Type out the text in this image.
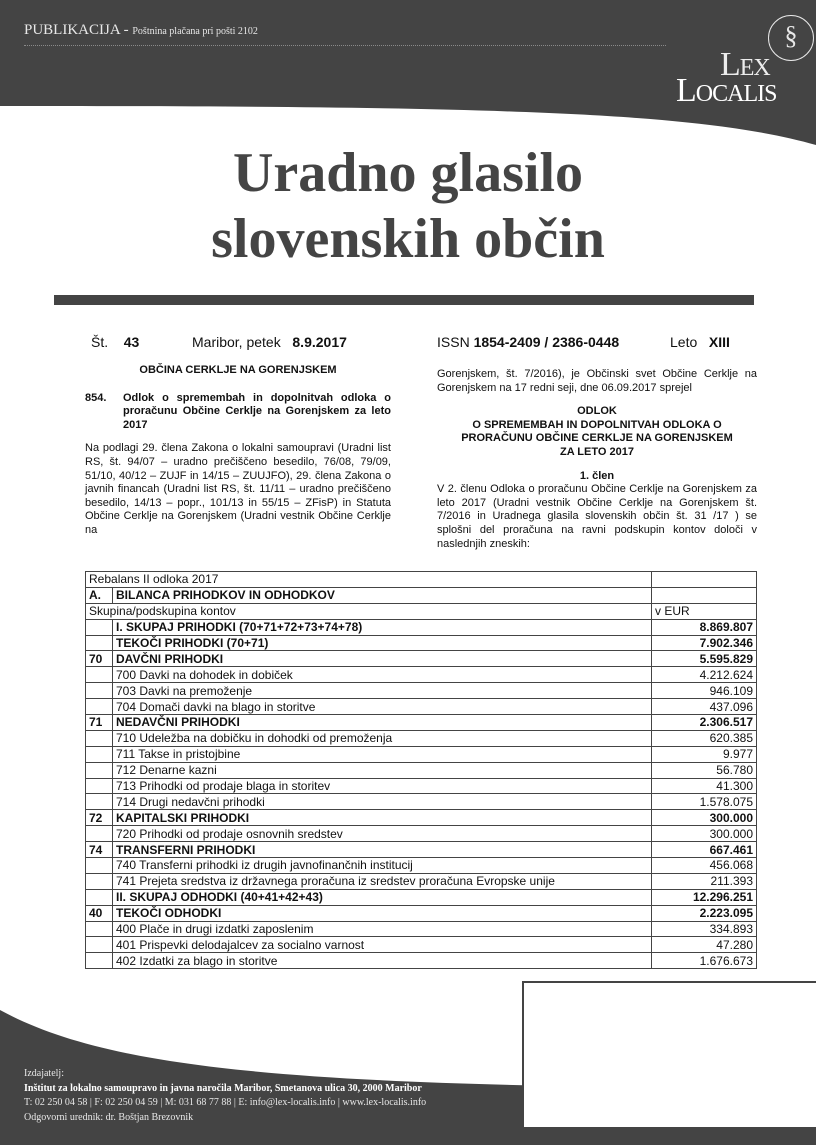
PUBLIKACIJA - Poštnina plačana pri pošti 2102	§
Lex
Localis
Uradno glasilo
slovenskih občin
Št. 43	Maribor, petek 8.9.2017	ISSN 1854-2409 / 2386-0448	Leto XIII
OBČINA CERKLJE NA GORENJSKEM
854.	Odlok o spremembah in dopolnitvah odloka o proračunu Občine Cerklje na Gorenjskem za leto 2017
Na podlagi 29. člena Zakona o lokalni samoupravi (Uradni list RS, št. 94/07 – uradno prečiščeno besedilo, 76/08, 79/09, 51/10, 40/12 – ZUJF in 14/15 – ZUUJFO), 29. člena Zakona o javnih financah (Uradni list RS, št. 11/11 – uradno prečiščeno besedilo, 14/13 – popr., 101/13 in 55/15 – ZFisP) in Statuta Občine Cerklje na Gorenjskem (Uradni vestnik Občine Cerklje na
Gorenjskem, št. 7/2016), je Občinski svet Občine Cerklje na Gorenjskem na 17 redni seji, dne 06.09.2017 sprejel
ODLOK
O SPREMEMBAH IN DOPOLNITVAH ODLOKA O
PRORAČUNU OBČINE CERKLJE NA GORENJSKEM
ZA LETO 2017
1. člen
V 2. členu Odloka o proračunu Občine Cerklje na Gorenjskem za leto 2017 (Uradni vestnik Občine Cerklje na Gorenjskem št. 7/2016 in Uradnega glasila slovenskih občin št. 31 /17 ) se splošni del proračuna na ravni podskupin kontov določi v naslednjih zneskih:
Rebalans II odloka 2017		
A.	BILANCA PRIHODKOV IN ODHODKOV	
Skupina/podskupina kontov		v EUR
	I. SKUPAJ PRIHODKI (70+71+72+73+74+78)	8.869.807
	TEKOČI PRIHODKI (70+71)	7.902.346
70	DAVČNI PRIHODKI	5.595.829
	700 Davki na dohodek in dobiček	4.212.624
	703 Davki na premoženje	946.109
	704 Domači davki na blago in storitve	437.096
71	NEDAVČNI PRIHODKI	2.306.517
	710 Udeležba na dobičku in dohodki od premoženja	620.385
	711 Takse in pristojbine	9.977
	712 Denarne kazni	56.780
	713 Prihodki od prodaje blaga in storitev	41.300
	714 Drugi nedavčni prihodki	1.578.075
72	KAPITALSKI PRIHODKI	300.000
	720 Prihodki od prodaje osnovnih sredstev	300.000
74	TRANSFERNI PRIHODKI	667.461
	740 Transferni prihodki iz drugih javnofinančnih institucij	456.068
	741 Prejeta sredstva iz državnega proračuna iz sredstev proračuna Evropske unije	211.393
	II. SKUPAJ ODHODKI (40+41+42+43)	12.296.251
40	TEKOČI ODHODKI	2.223.095
	400 Plače in drugi izdatki zaposlenim	334.893
	401 Prispevki delodajalcev za socialno varnost	47.280
	402 Izdatki za blago in storitve	1.676.673
Izdajatelj:
Inštitut za lokalno samoupravo in javna naročila Maribor, Smetanova ulica 30, 2000 Maribor
T: 02 250 04 58 | F: 02 250 04 59 | M: 031 68 77 88 | E: info@lex-localis.info | www.lex-localis.info
Odgovorni urednik: dr. Boštjan Brezovnik
